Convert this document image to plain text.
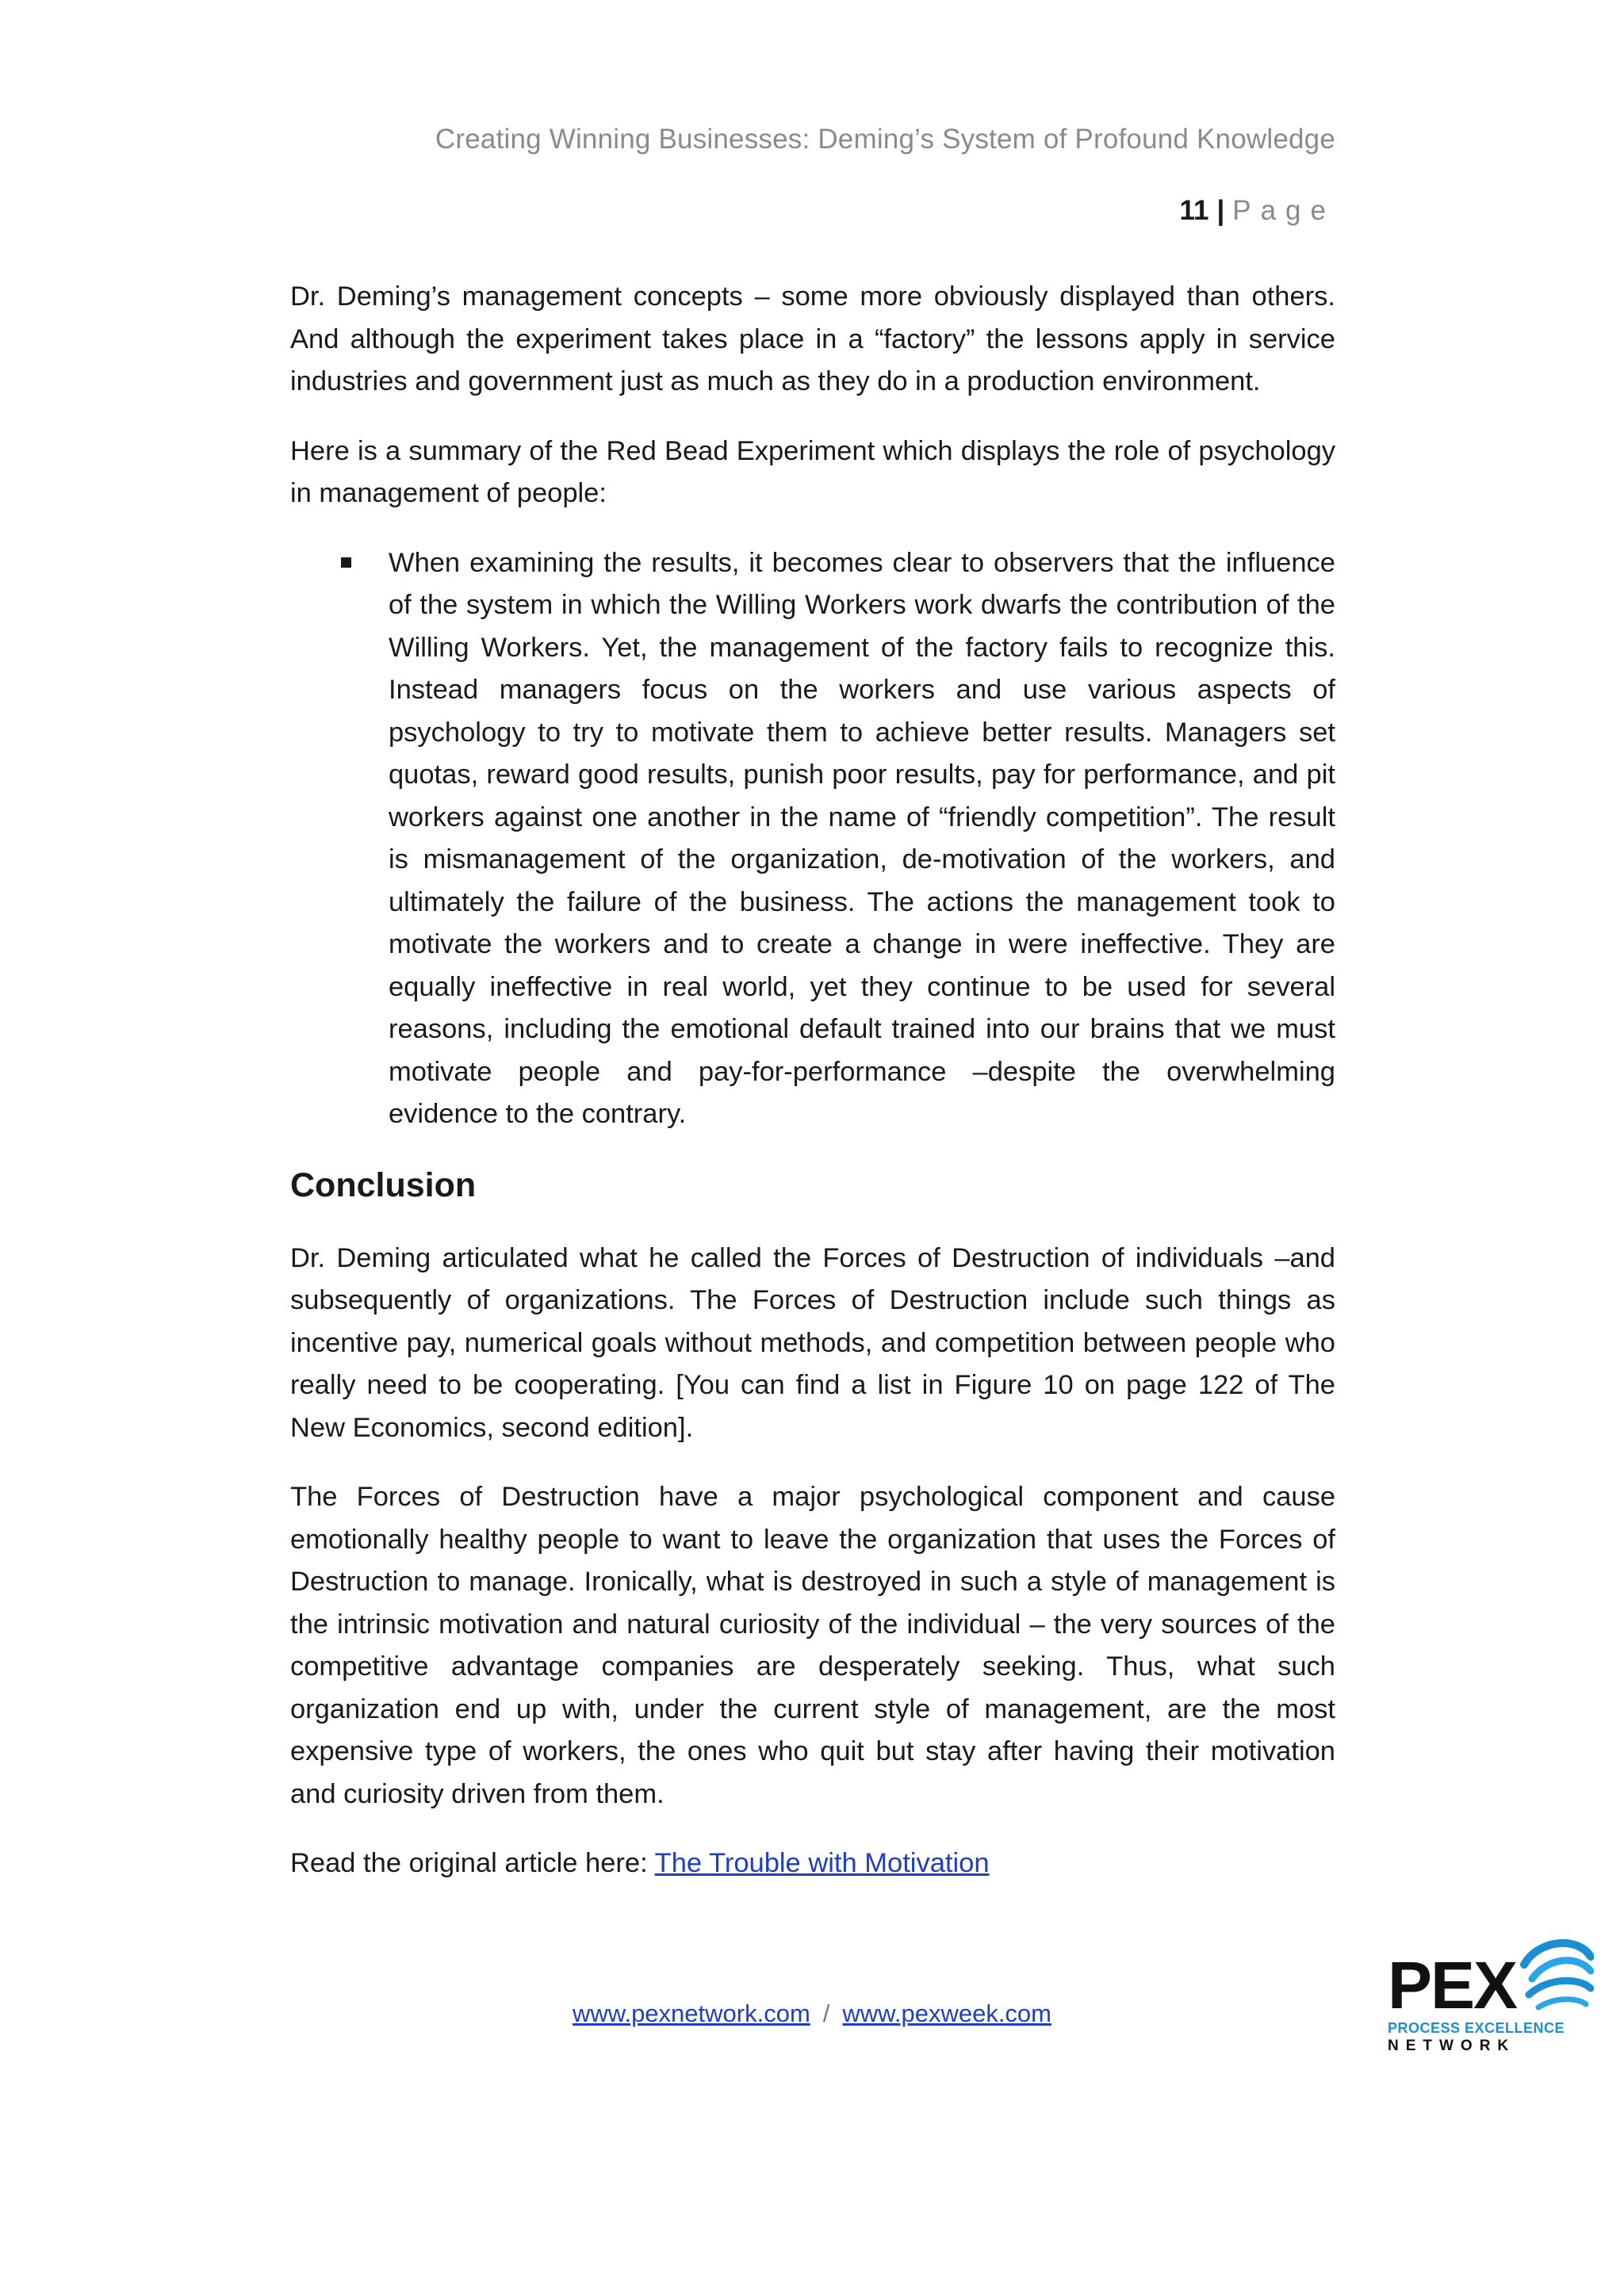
Creating Winning Businesses: Deming’s System of Profound Knowledge
11 | Page

Dr. Deming’s management concepts – some more obviously displayed than others. And although the experiment takes place in a “factory” the lessons apply in service industries and government just as much as they do in a production environment.

Here is a summary of the Red Bead Experiment which displays the role of psychology in management of people:

When examining the results, it becomes clear to observers that the influence of the system in which the Willing Workers work dwarfs the contribution of the Willing Workers. Yet, the management of the factory fails to recognize this. Instead managers focus on the workers and use various aspects of psychology to try to motivate them to achieve better results. Managers set quotas, reward good results, punish poor results, pay for performance, and pit workers against one another in the name of “friendly competition”. The result is mismanagement of the organization, de-motivation of the workers, and ultimately the failure of the business. The actions the management took to motivate the workers and to create a change in were ineffective. They are equally ineffective in real world, yet they continue to be used for several reasons, including the emotional default trained into our brains that we must motivate people and pay-for-performance –despite the overwhelming evidence to the contrary.
Conclusion

Dr. Deming articulated what he called the Forces of Destruction of individuals –and subsequently of organizations. The Forces of Destruction include such things as incentive pay, numerical goals without methods, and competition between people who really need to be cooperating. [You can find a list in Figure 10 on page 122 of The New Economics, second edition].

The Forces of Destruction have a major psychological component and cause emotionally healthy people to want to leave the organization that uses the Forces of Destruction to manage. Ironically, what is destroyed in such a style of management is the intrinsic motivation and natural curiosity of the individual – the very sources of the competitive advantage companies are desperately seeking. Thus, what such organization end up with, under the current style of management, are the most expensive type of workers, the ones who quit but stay after having their motivation and curiosity driven from them.

Read the original article here: The Trouble with Motivation

www.pexnetwork.com / www.pexweek.com	PEX
PROCESS EXCELLENCE
NETWORK
